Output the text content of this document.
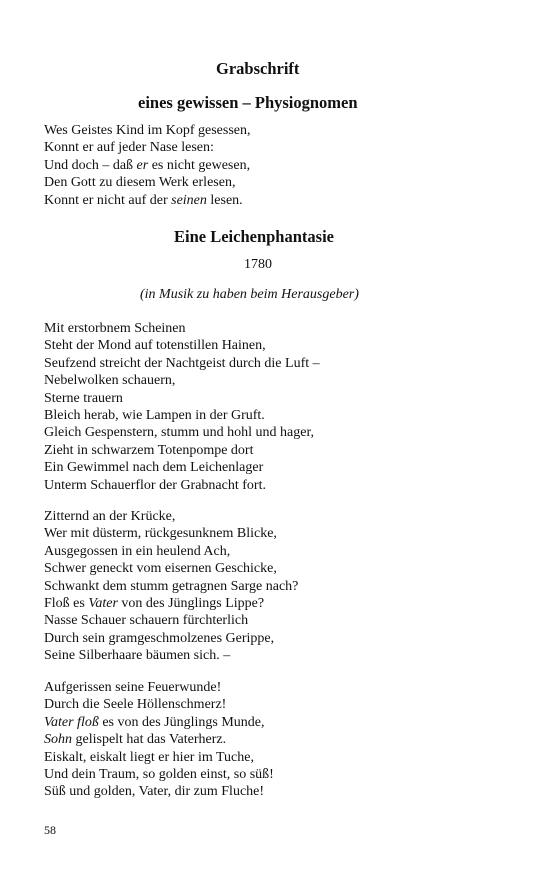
Grabschrift
eines gewissen – Physiognomen
Wes Geistes Kind im Kopf gesessen,
Konnt er auf jeder Nase lesen:
Und doch – daß er es nicht gewesen,
Den Gott zu diesem Werk erlesen,
Konnt er nicht auf der seinen lesen.
Eine Leichenphantasie
1780
(in Musik zu haben beim Herausgeber)
Mit erstorbnem Scheinen
Steht der Mond auf totenstillen Hainen,
Seufzend streicht der Nachtgeist durch die Luft –
Nebelwolken schauern,
Sterne trauern
Bleich herab, wie Lampen in der Gruft.
Gleich Gespenstern, stumm und hohl und hager,
Zieht in schwarzem Totenpompe dort
Ein Gewimmel nach dem Leichenlager
Unterm Schauerflor der Grabnacht fort.
Zitternd an der Krücke,
Wer mit düsterm, rückgesunknem Blicke,
Ausgegossen in ein heulend Ach,
Schwer geneckt vom eisernen Geschicke,
Schwankt dem stumm getragnen Sarge nach?
Floß es Vater von des Jünglings Lippe?
Nasse Schauer schauern fürchterlich
Durch sein gramgeschmolzenes Gerippe,
Seine Silberhaare bäumen sich. –
Aufgerissen seine Feuerwunde!
Durch die Seele Höllenschmerz!
Vater floß es von des Jünglings Munde,
Sohn gelispelt hat das Vaterherz.
Eiskalt, eiskalt liegt er hier im Tuche,
Und dein Traum, so golden einst, so süß!
Süß und golden, Vater, dir zum Fluche!
58
